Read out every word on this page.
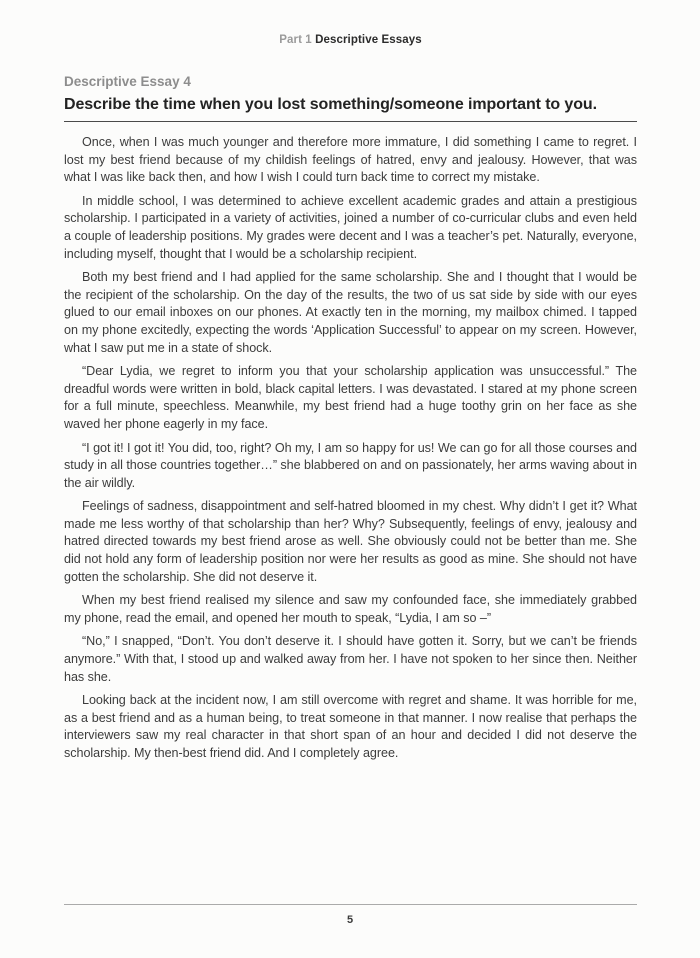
Part 1 Descriptive Essays
Descriptive Essay 4
Describe the time when you lost something/someone important to you.

Once, when I was much younger and therefore more immature, I did something I came to regret. I lost my best friend because of my childish feelings of hatred, envy and jealousy. However, that was what I was like back then, and how I wish I could turn back time to correct my mistake.

In middle school, I was determined to achieve excellent academic grades and attain a prestigious scholarship. I participated in a variety of activities, joined a number of co-curricular clubs and even held a couple of leadership positions. My grades were decent and I was a teacher’s pet. Naturally, everyone, including myself, thought that I would be a scholarship recipient.

Both my best friend and I had applied for the same scholarship. She and I thought that I would be the recipient of the scholarship. On the day of the results, the two of us sat side by side with our eyes glued to our email inboxes on our phones. At exactly ten in the morning, my mailbox chimed. I tapped on my phone excitedly, expecting the words ‘Application Successful’ to appear on my screen. However, what I saw put me in a state of shock.

“Dear Lydia, we regret to inform you that your scholarship application was unsuccessful.” The dreadful words were written in bold, black capital letters. I was devastated. I stared at my phone screen for a full minute, speechless. Meanwhile, my best friend had a huge toothy grin on her face as she waved her phone eagerly in my face.

“I got it! I got it! You did, too, right? Oh my, I am so happy for us! We can go for all those courses and study in all those countries together…” she blabbered on and on passionately, her arms waving about in the air wildly.

Feelings of sadness, disappointment and self-hatred bloomed in my chest. Why didn’t I get it? What made me less worthy of that scholarship than her? Why? Subsequently, feelings of envy, jealousy and hatred directed towards my best friend arose as well. She obviously could not be better than me. She did not hold any form of leadership position nor were her results as good as mine. She should not have gotten the scholarship. She did not deserve it.

When my best friend realised my silence and saw my confounded face, she immediately grabbed my phone, read the email, and opened her mouth to speak, “Lydia, I am so –”

“No,” I snapped, “Don’t. You don’t deserve it. I should have gotten it. Sorry, but we can’t be friends anymore.” With that, I stood up and walked away from her. I have not spoken to her since then. Neither has she.

Looking back at the incident now, I am still overcome with regret and shame. It was horrible for me, as a best friend and as a human being, to treat someone in that manner. I now realise that perhaps the interviewers saw my real character in that short span of an hour and decided I did not deserve the scholarship. My then-best friend did. And I completely agree.

5
